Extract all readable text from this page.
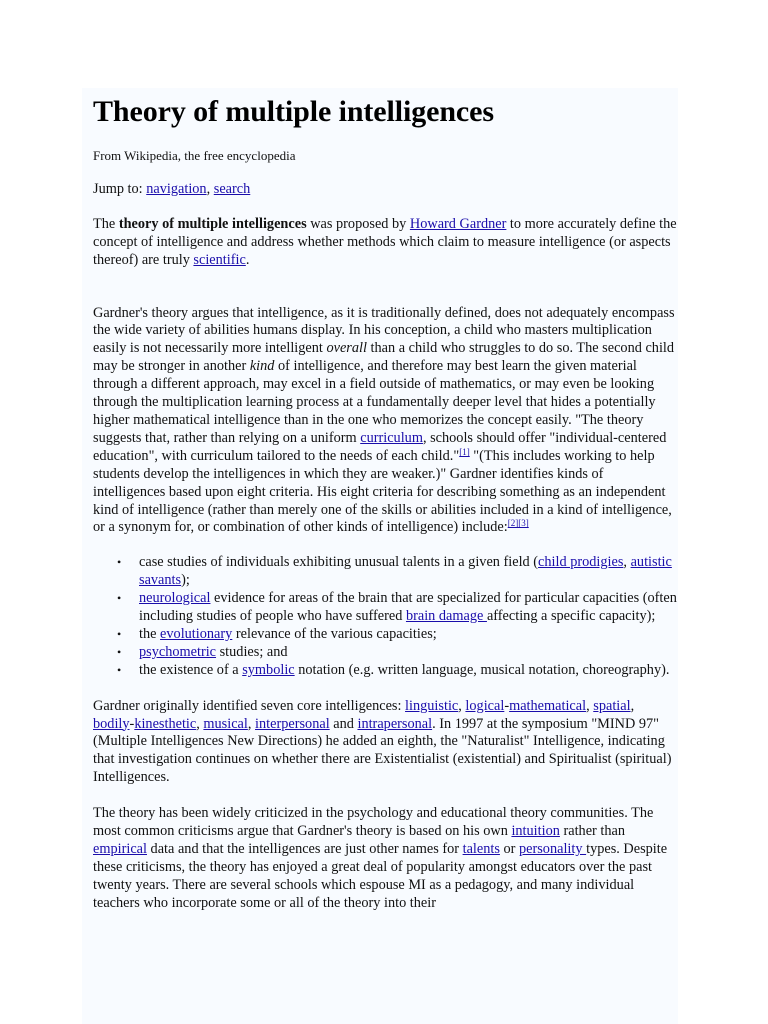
Theory of multiple intelligences

From Wikipedia, the free encyclopedia

Jump to: navigation, search

The theory of multiple intelligences was proposed by Howard Gardner to more accurately define the concept of intelligence and address whether methods which claim to measure intelligence (or aspects thereof) are truly scientific.

Gardner's theory argues that intelligence, as it is traditionally defined, does not adequately encompass the wide variety of abilities humans display. In his conception, a child who masters multiplication easily is not necessarily more intelligent overall than a child who struggles to do so. The second child may be stronger in another kind of intelligence, and therefore may best learn the given material through a different approach, may excel in a field outside of mathematics, or may even be looking through the multiplication learning process at a fundamentally deeper level that hides a potentially higher mathematical intelligence than in the one who memorizes the concept easily. "The theory suggests that, rather than relying on a uniform curriculum, schools should offer "individual-centered education", with curriculum tailored to the needs of each child."[1] "(This includes working to help students develop the intelligences in which they are weaker.)" Gardner identifies kinds of intelligences based upon eight criteria. His eight criteria for describing something as an independent kind of intelligence (rather than merely one of the skills or abilities included in a kind of intelligence, or a synonym for, or combination of other kinds of intelligence) include:[2][3]

• case studies of individuals exhibiting unusual talents in a given field (child prodigies, autistic savants);
• neurological evidence for areas of the brain that are specialized for particular capacities (often including studies of people who have suffered brain damage affecting a specific capacity);
• the evolutionary relevance of the various capacities;
• psychometric studies; and
• the existence of a symbolic notation (e.g. written language, musical notation, choreography).

Gardner originally identified seven core intelligences: linguistic, logical-mathematical, spatial, bodily-kinesthetic, musical, interpersonal and intrapersonal. In 1997 at the symposium "MIND 97" (Multiple Intelligences New Directions) he added an eighth, the "Naturalist" Intelligence, indicating that investigation continues on whether there are Existentialist (existential) and Spiritualist (spiritual) Intelligences.

The theory has been widely criticized in the psychology and educational theory communities. The most common criticisms argue that Gardner's theory is based on his own intuition rather than empirical data and that the intelligences are just other names for talents or personality types. Despite these criticisms, the theory has enjoyed a great deal of popularity amongst educators over the past twenty years. There are several schools which espouse MI as a pedagogy, and many individual teachers who incorporate some or all of the theory into their
